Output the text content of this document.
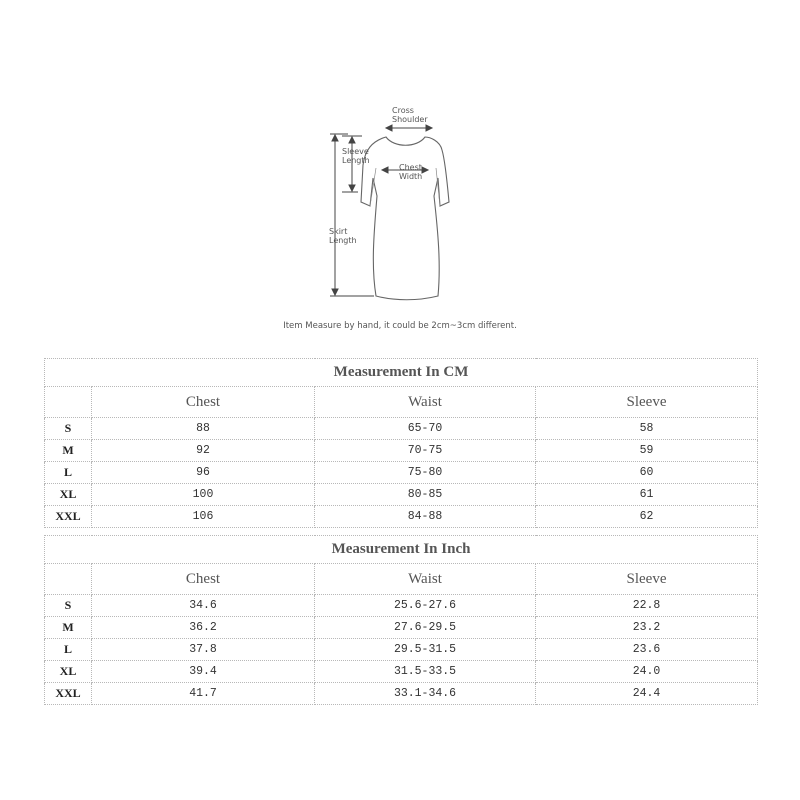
Cross
Shoulder
Sleeve
Length
Chest
Width
Skirt
Length
Item Measure by hand, it could be 2cm~3cm different.
Measurement In CM			
	Chest	Waist	Sleeve
S	88	65-70	58
M	92	70-75	59
L	96	75-80	60
XL	100	80-85	61
XXL	106	84-88	62
Measurement In Inch			
	Chest	Waist	Sleeve
S	34.6	25.6-27.6	22.8
M	36.2	27.6-29.5	23.2
L	37.8	29.5-31.5	23.6
XL	39.4	31.5-33.5	24.0
XXL	41.7	33.1-34.6	24.4
